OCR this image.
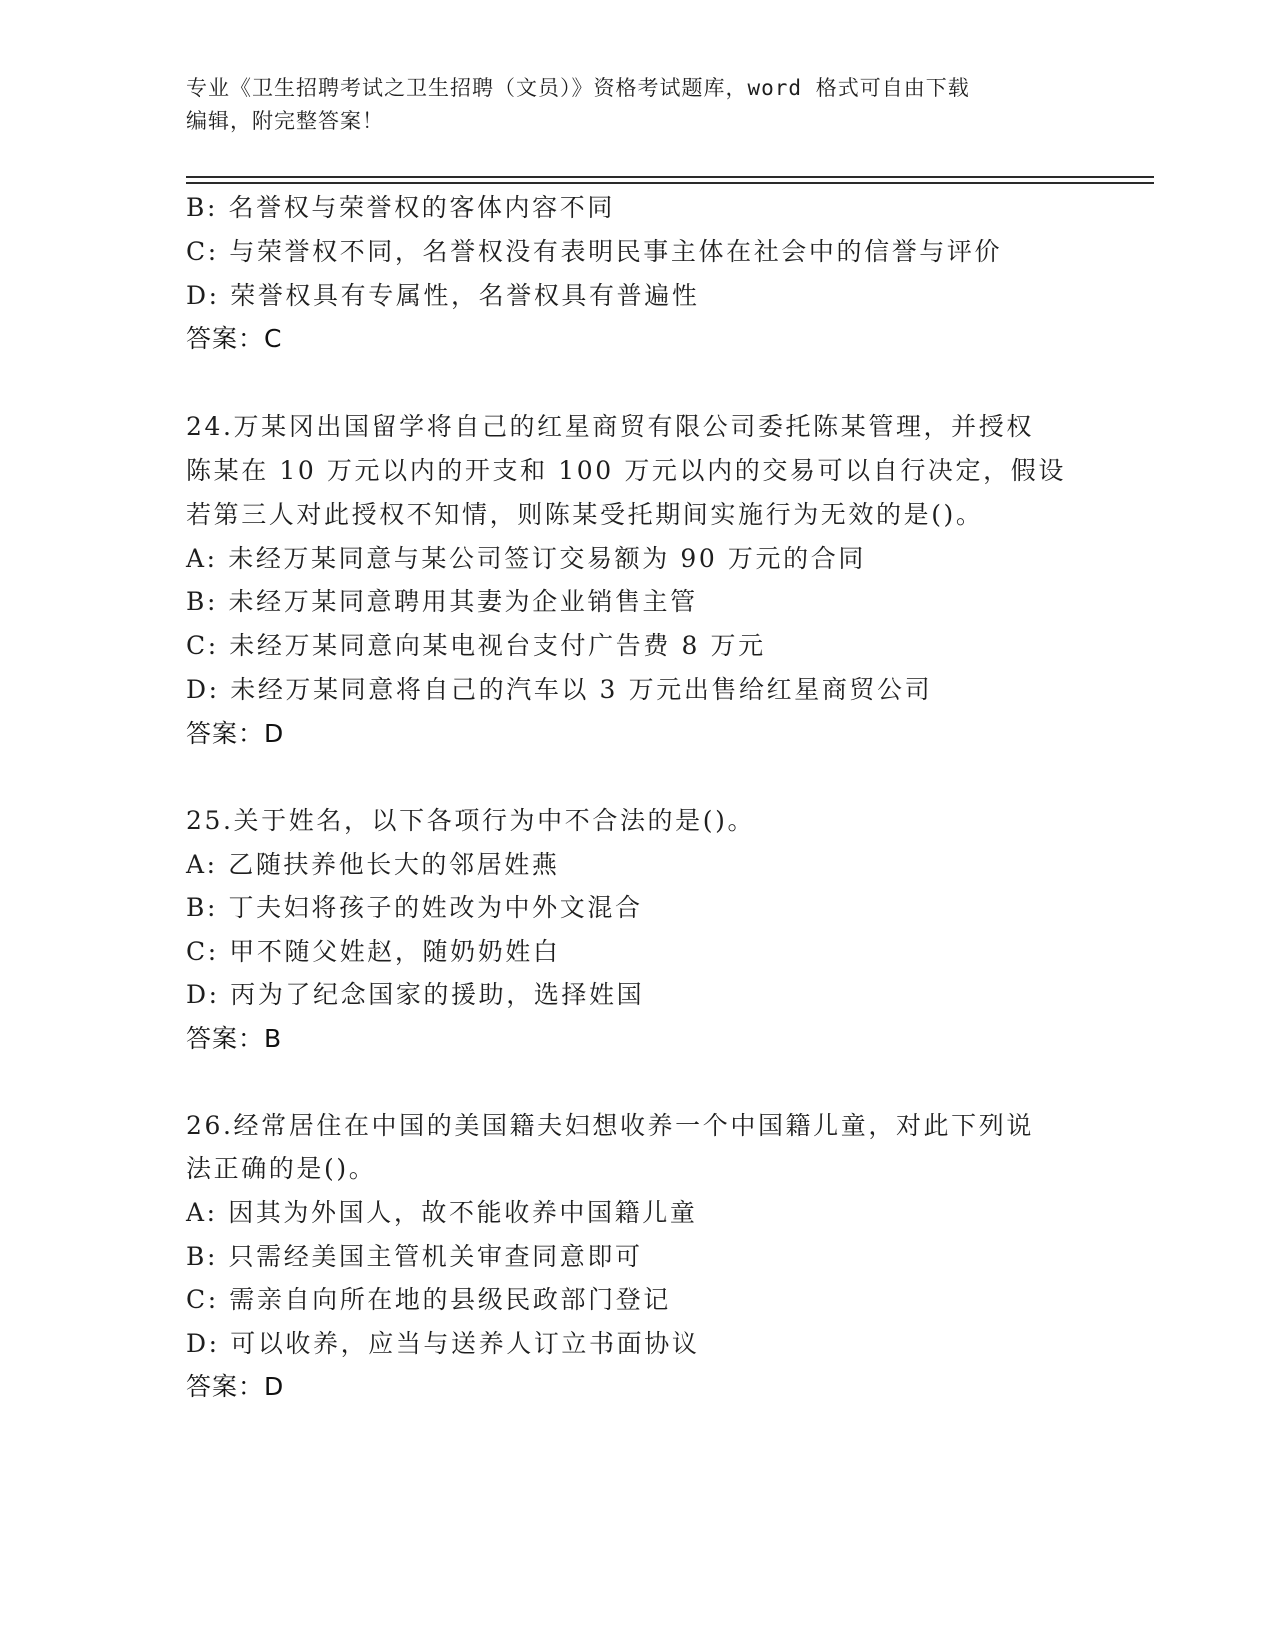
专业《卫生招聘考试之卫生招聘（文员）》资格考试题库，word 格式可自由下载
编辑，附完整答案！
B: 名誉权与荣誉权的客体内容不同
C: 与荣誉权不同，名誉权没有表明民事主体在社会中的信誉与评价
D: 荣誉权具有专属性，名誉权具有普遍性
答案：C
24.万某冈出国留学将自己的红星商贸有限公司委托陈某管理，并授权
陈某在 10 万元以内的开支和 100 万元以内的交易可以自行决定，假设
若第三人对此授权不知情，则陈某受托期间实施行为无效的是()。
A: 未经万某同意与某公司签订交易额为 90 万元的合同
B: 未经万某同意聘用其妻为企业销售主管
C: 未经万某同意向某电视台支付广告费 8 万元
D: 未经万某同意将自己的汽车以 3 万元出售给红星商贸公司
答案：D
25.关于姓名，以下各项行为中不合法的是()。
A: 乙随扶养他长大的邻居姓燕
B: 丁夫妇将孩子的姓改为中外文混合
C: 甲不随父姓赵，随奶奶姓白
D: 丙为了纪念国家的援助，选择姓国
答案：B
26.经常居住在中国的美国籍夫妇想收养一个中国籍儿童，对此下列说
法正确的是()。
A: 因其为外国人，故不能收养中国籍儿童
B: 只需经美国主管机关审查同意即可
C: 需亲自向所在地的县级民政部门登记
D: 可以收养，应当与送养人订立书面协议
答案：D
